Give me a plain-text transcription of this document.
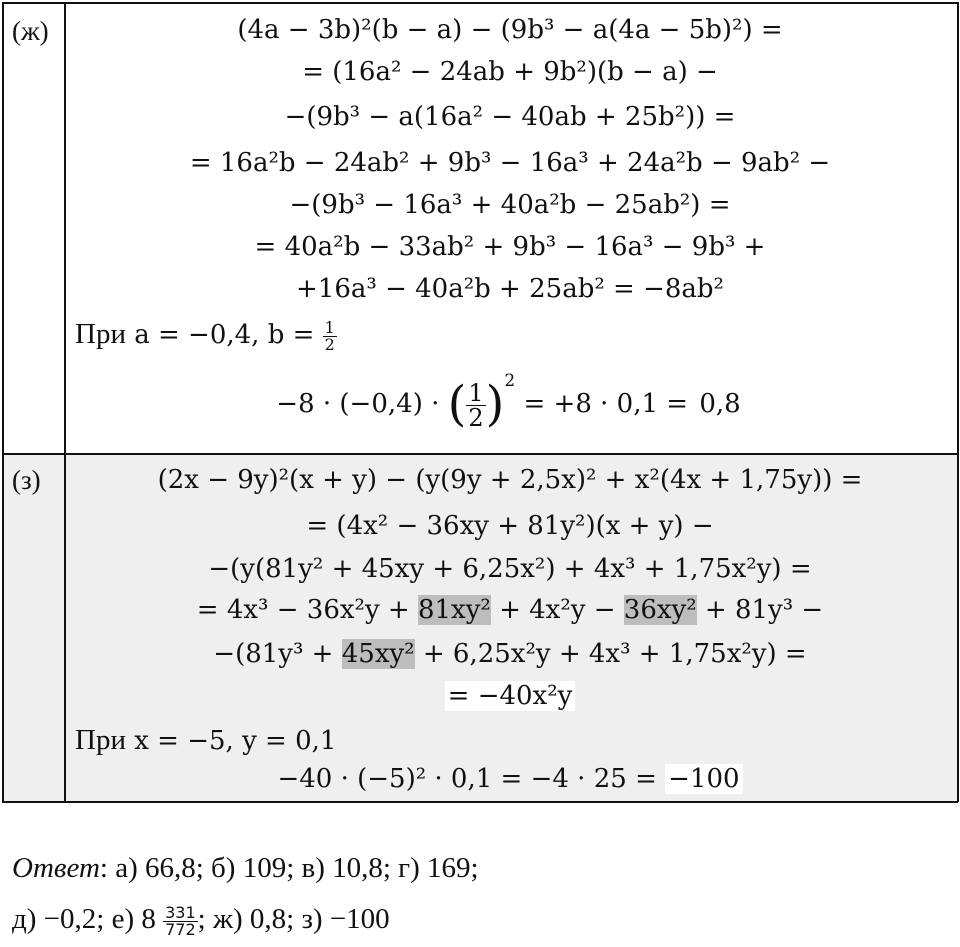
(ж)	(4a − 3b)²(b − a) − (9b³ − a(4a − 5b)²) =
= (16a² − 24ab + 9b²)(b − a) −
−(9b³ − a(16a² − 40ab + 25b²)) =
= 16a²b − 24ab² + 9b³ − 16a³ + 24a²b − 9ab² −
−(9b³ − 16a³ + 40a²b − 25ab²) =
= 40a²b − 33ab² + 9b³ − 16a³ − 9b³ +
+16a³ − 40a²b + 25ab² = −8ab²
При a = −0,4, $b = \frac{1}{2}$
−8 · (−0,4) · ( $\frac{1}{2} )^2 = +8 \cdot 0,1 = 0,8$
(з)	(2x − 9y)²(x + y) − (y(9y + 2,5x)² + x²(4x + 1,75y)) =
= (4x² − 36xy + 81y²)(x + y) −
−(y(81y² + 45xy + 6,25x²) + 4x³ + 1,75x²y) =
= 4x³ − 36x²y + 81xy² + 4x²y − 36xy² + 81y³ −
−(81y³ + 45xy² + 6,25x²y + 4x³ + 1,75x²y) =
= −40x²y
При x = −5, y = 0,1
−40 · (−5)² · 0,1 = −4 · 25 = −100
Ответ: а) 66,8; б) 109; в) 10,8; г) 169;
д) −0,2; е) $8 \frac{331}{772}$ ; ж) 0,8; з) −100
